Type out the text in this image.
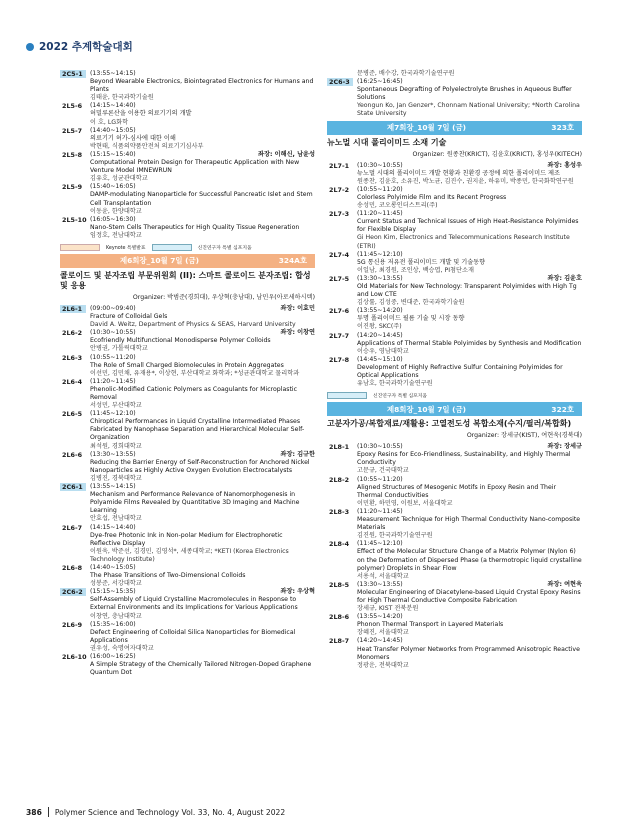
2022 추계학술대회
2C5-1	(13:55~14:15)
Beyond Wearable Electronics, Biointegrated Electronics for Humans and Plants
김태윤, 한국과학기술원
2L5-6	(14:15~14:40)
허밀루론산을 이용한 의료기기의 개발
이 호, LG화학
2L5-7	(14:40~15:05)
의료기기 허가-심사에 대한 이해
박현태, 식품의약품안전처 의료기기심사부
2L5-8	(15:15~15:40)	좌장: 이해신, 남윤성
Computational Protein Design for Therapeutic Application with New Venture Model IMNEWRUN
김유호, 성균관대학교
2L5-9	(15:40~16:05)
DAMP-modulating Nanoparticle for Successful Pancreatic Islet and Stem Cell Transplantation
이동윤, 한양대학교
2L5-10 (16:05~16:30)
Nano-Stem Cells Therapeutics for High Quality Tissue Regeneration
임정호, 전남대학교
Keynote 특별발표	신진연구자 특별 심포지움
제6회장_10월 7일 (금)	324A호
콜로이드 및 분자조립 부문위원회 (II): 스마트 콜로이드 분자조립: 합성 및 응용
Organizer: 박범준(경희대), 우상혁(충남대), 남민우(아로세하시텍)
2L6-1	(09:00~09:40)	좌장: 이효민
Fracture of Colloidal Gels
David A. Weitz, Department of Physics & SEAS, Harvard University
2L6-2	(10:30~10:55)	좌장: 이창연
Ecofriendly Multifunctional Monodisperse Polymer Colloids
안병권, 가톨릭대학교
2L6-3	(10:55~11:20)
The Role of Small Charged Biomolecules in Protein Aggregates
이선민, 김민채, 유재용*, 이상현, 부산대학교 화학과; *성균관대학교 물리학과
2L6-4	(11:20~11:45)
Phenolic-Modified Cationic Polymers as Coagulants for Microplastic Removal
서성민, 부산대학교
2L6-5	(11:45~12:10)
Chiroptical Performances in Liquid Crystalline Intermediated Phases Fabricated by Nanophase Separation and Hierarchical Molecular Self-Organization
최석원, 경희대학교
2L6-6	(13:30~13:55)	좌장: 김규한
Reducing the Barrier Energy of Self-Reconstruction for Anchored Nickel Nanoparticles as Highly Active Oxygen Evolution Electrocatalysts
김병진, 경북대학교
2C6-1	(13:55~14:15)
Mechanism and Performance Relevance of Nanomorphogenesis in Polyamide Films Revealed by Quantitative 3D Imaging and Machine Learning
안효섭, 전남대학교
2L6-7	(14:15~14:40)
Dye-free Photonic Ink in Non-polar Medium for Electrophoretic Reflective Display
이원욱, 박준선, 김경민, 김영석*, 세종대학교; *KETI (Korea Electronics Technology Institute)
2L6-8	(14:40~15:05)
The Phase Transitions of Two-Dimensional Colloids
성봉준, 서강대학교
2C6-2	(15:15~15:35)	좌장: 우상혁
Self-Assembly of Liquid Crystalline Macromolecules in Response to External Environments and its Implications for Various Applications
이창연, 충남대학교
2L6-9	(15:35~16:00)
Defect Engineering of Colloidal Silica Nanoparticles for Biomedical Applications
권우성, 숙명여자대학교
2L6-10 (16:00~16:25)
A Simple Strategy of the Chemically Tailored Nitrogen-Doped Graphene Quantum Dot
문병준, 배수강, 한국과학기술연구원
2C6-3	(16:25~16:45)
Spontaneous Degrafting of Polyelectrolyte Brushes in Aqueous Buffer Solutions
Yeongun Ko, Jan Genzer*, Chonnam National University; *North Carolina State University
제7회장_10월 7일 (금)	323호
뉴노멀 시대 폴리이미드 소재 기술
Organizer: 원종찬(KRICT), 김윤호(KRICT), 홍성우(KITECH)
2L7-1	(10:30~10:55)	좌장: 홍성우
뉴노멀 시대의 폴리이미드 개발 현황과 친환경 공정에 의한 폴리이미드 제조
원종찬, 김윤호, 소유진, 박노균, 김진수, 권지윤, 하유미, 박종민, 한국화학연구원
2L7-2	(10:55~11:20)
Colorless Polyimide Film and Its Recent Progress
송성민, 코오롱인더스트리(주)
2L7-3	(11:20~11:45)
Current Status and Technical Issues of High Heat-Resistance Polyimides for Flexible Display
Gi Heon Kim, Electronics and Telecommunications Research Institute (ETRI)
2L7-4	(11:45~12:10)
5G 통신용 저유전 폴리이미드 개발 및 기술동향
이일남, 최경원, 조인상, 백승엽, PI첨단소재
2L7-5	(13:30~13:55)	좌장: 김윤호
Old Materials for New Technology: Transparent Polyimides with High Tg and Low CTE
김상률, 김성중, 변대준, 한국과학기술원
2L7-6	(13:55~14:20)
투명 폴리이미드 필름 기술 및 시장 동향
이진왕, SKC(주)
2L7-7	(14:20~14:45)
Applications of Thermal Stable Polyimides by Synthesis and Modification
이승우, 영남대학교
2L7-8	(14:45~15:10)
Development of Highly Refractive Sulfur Containing Polyimides for Optical Applications
유남호, 한국과학기술연구원
신진연구자 특별 심포지움
제8회장_10월 7일 (금)	322호
고분자가공/복합재료/재활용: 고열전도성 복합소재(수지/필러/복합화)
Organizer: 장세규(KIST), 여현욱(경북대)
2L8-1	(10:30~10:55)	좌장: 장세규
Epoxy Resins for Eco-Friendliness, Sustainability, and Highly Thermal Conductivity
고문규, 건국대학교
2L8-2	(10:55~11:20)
Aligned Structures of Mesogenic Motifs in Epoxy Resin and Their Thermal Conductivities
이민환, 하민영, 이원보, 서울대학교
2L8-3	(11:20~11:45)
Measurement Technique for High Thermal Conductivity Nano-composite Materials
김진원, 한국과학기술연구원
2L8-4	(11:45~12:10)
Effect of the Molecular Structure Change of a Matrix Polymer (Nylon 6) on the Deformation of Dispersed Phase (a thermotropic liquid crystalline polymer) Droplets in Shear Flow
서용석, 서울대학교
2L8-5	(13:30~13:55)	좌장: 여현욱
Molecular Engineering of Diacetylene-based Liquid Crystal Epoxy Resins for High Thermal Conductive Composite Fabrication
장세규, KIST 전북분원
2L8-6	(13:55~14:20)
Phonon Thermal Transport in Layered Materials
장혜진, 서울대학교
2L8-7	(14:20~14:45)
Heat Transfer Polymer Networks from Programmed Anisotropic Reactive Monomers
정광운, 전북대학교
386 Polymer Science and Technology Vol. 33, No. 4, August 2022
